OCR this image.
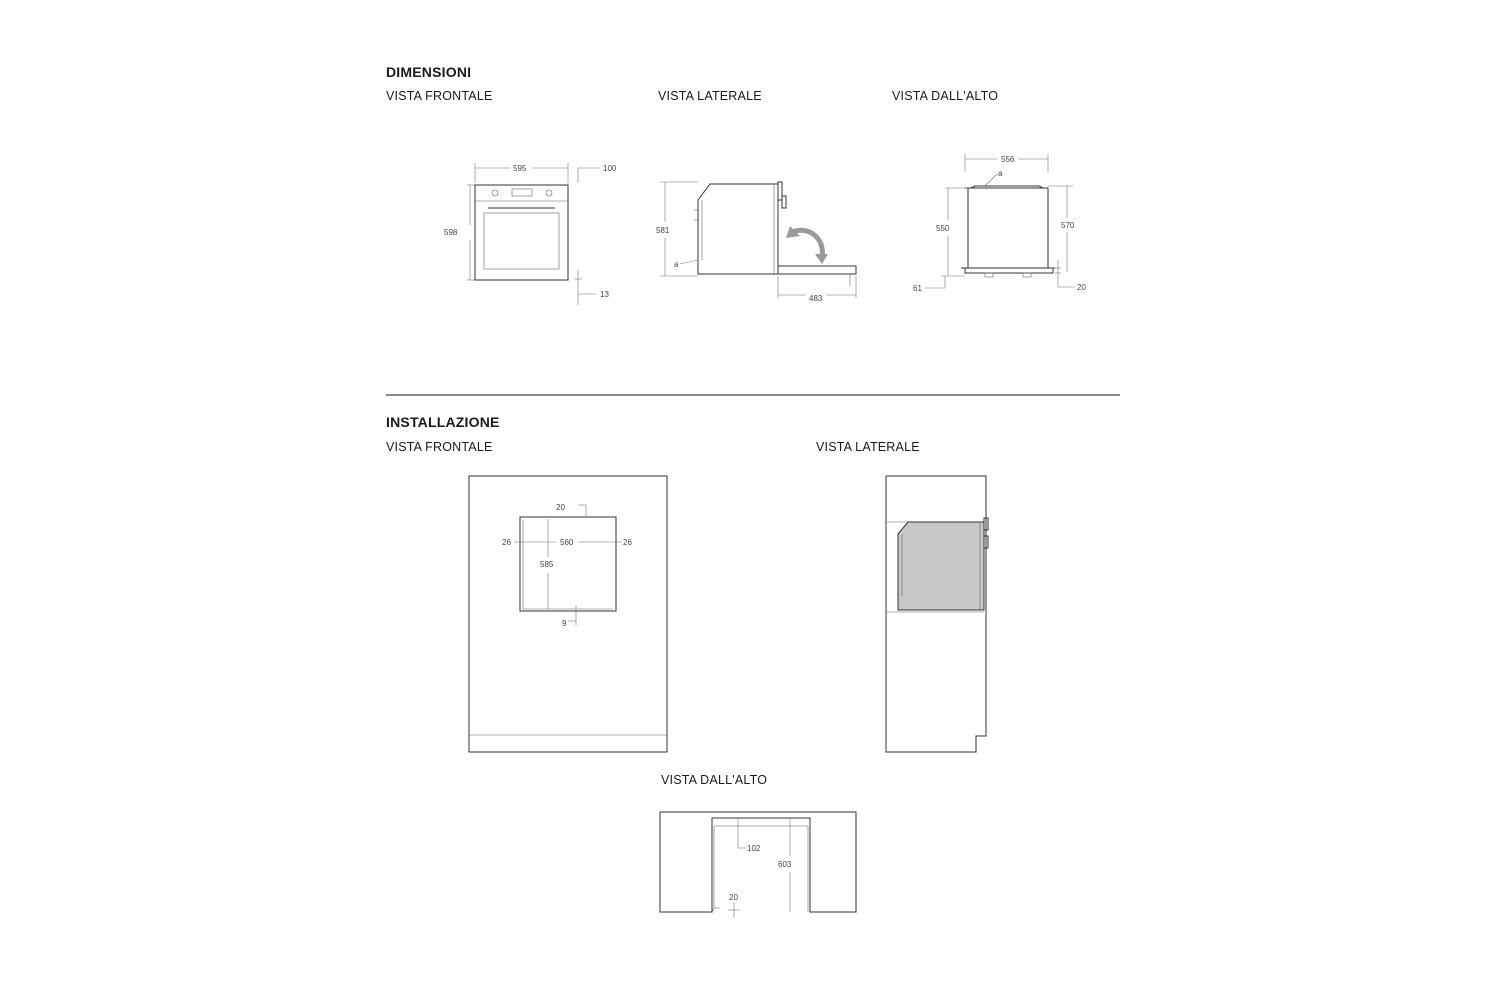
DIMENSIONI
VISTA FRONTALE	VISTA LATERALE	VISTA DALL'ALTO
595	100
598
13
581
a
483
556
a
550	570
61	20
INSTALLAZIONE
VISTA FRONTALE	VISTA LATERALE
VISTA DALL'ALTO
20
560
26	26
585
9
102
603
20
